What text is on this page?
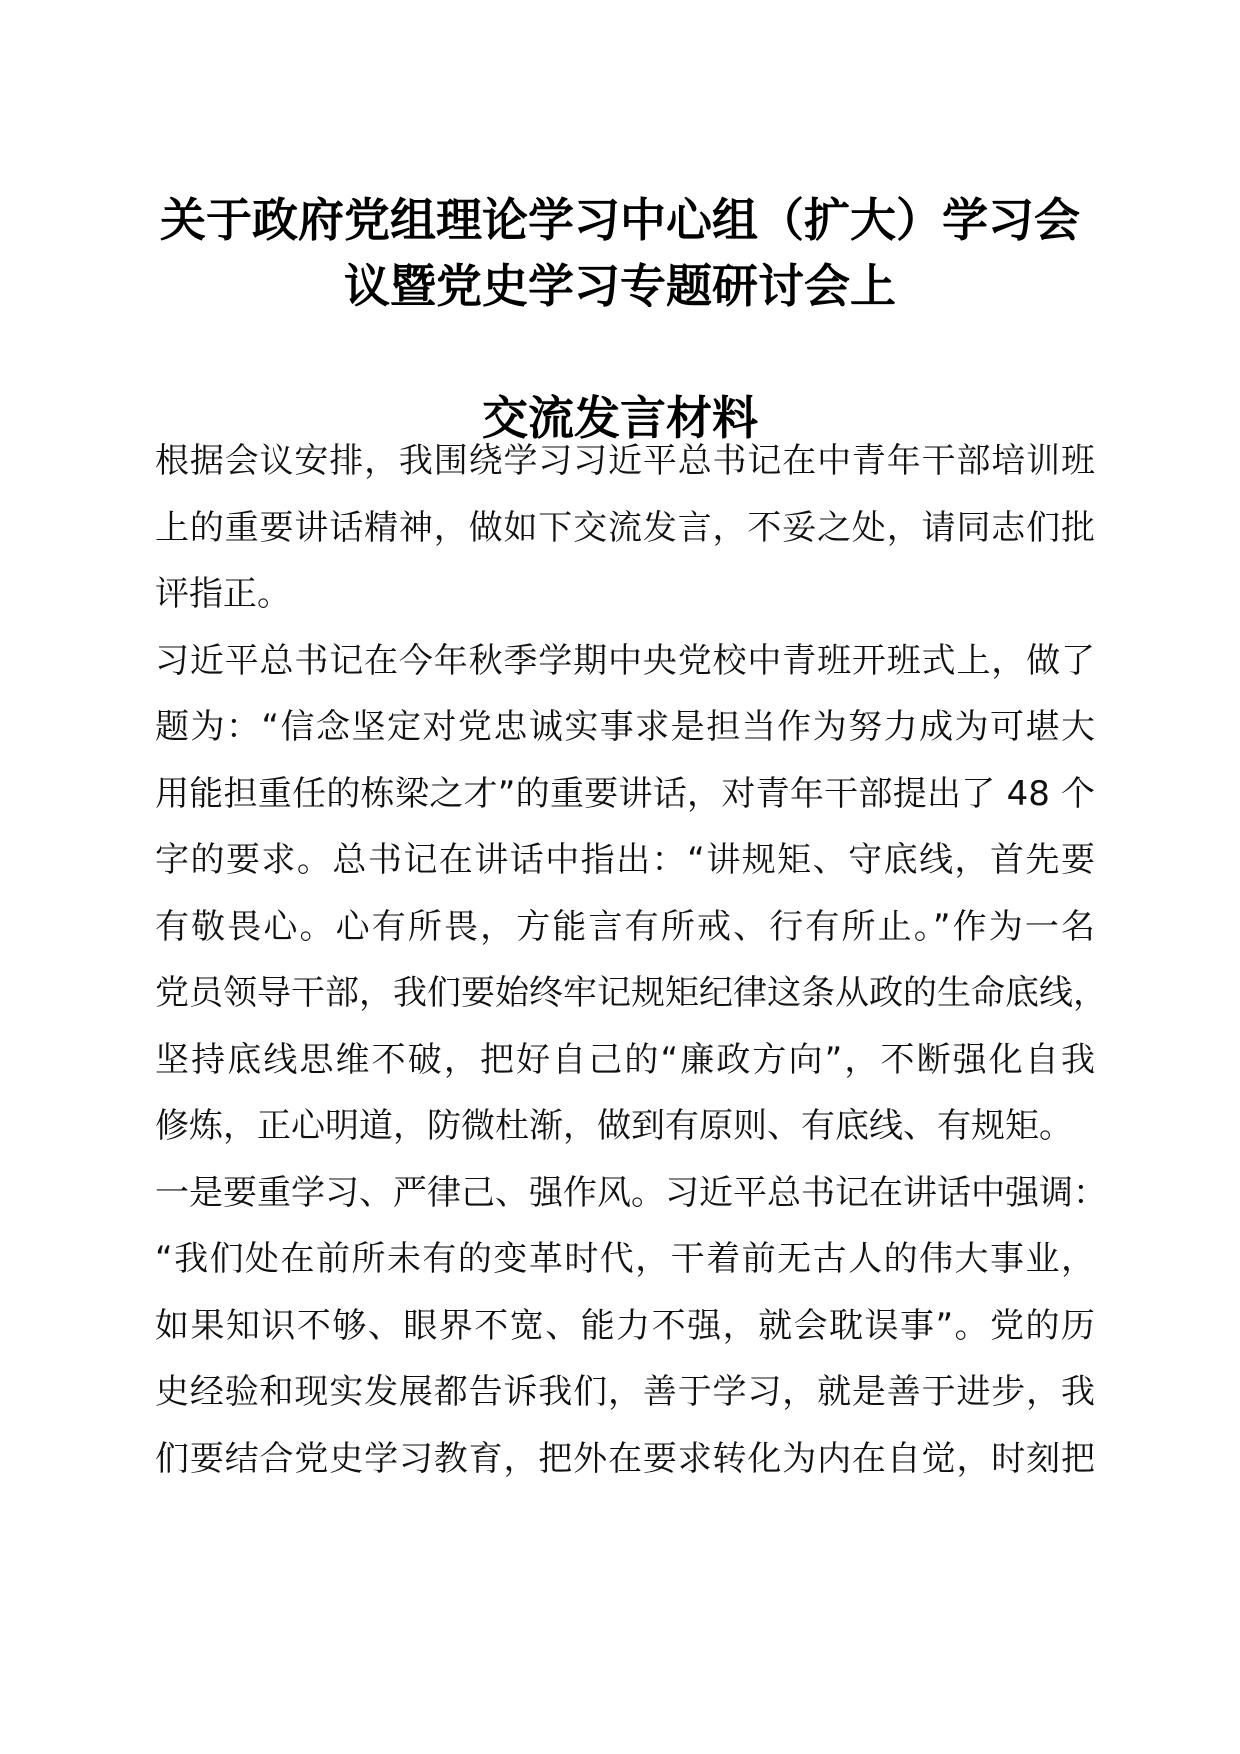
关于政府党组理论学习中心组（扩大）学习会
议暨党史学习专题研讨会上
交流发言材料
根据会议安排，我围绕学习习近平总书记在中青年干部培训班
上的重要讲话精神，做如下交流发言，不妥之处，请同志们批
评指正。
习近平总书记在今年秋季学期中央党校中青班开班式上，做了
题为：“信念坚定对党忠诚实事求是担当作为努力成为可堪大
用能担重任的栋梁之才”的重要讲话，对青年干部提出了 48 个
字的要求。总书记在讲话中指出：“讲规矩、守底线，首先要
有敬畏心。心有所畏，方能言有所戒、行有所止。”作为一名
党员领导干部，我们要始终牢记规矩纪律这条从政的生命底线，
坚持底线思维不破，把好自己的“廉政方向”，不断强化自我
修炼，正心明道，防微杜渐，做到有原则、有底线、有规矩。
一是要重学习、严律己、强作风。习近平总书记在讲话中强调：
“我们处在前所未有的变革时代，干着前无古人的伟大事业，
如果知识不够、眼界不宽、能力不强，就会耽误事”。党的历
史经验和现实发展都告诉我们，善于学习，就是善于进步，我
们要结合党史学习教育，把外在要求转化为内在自觉，时刻把
